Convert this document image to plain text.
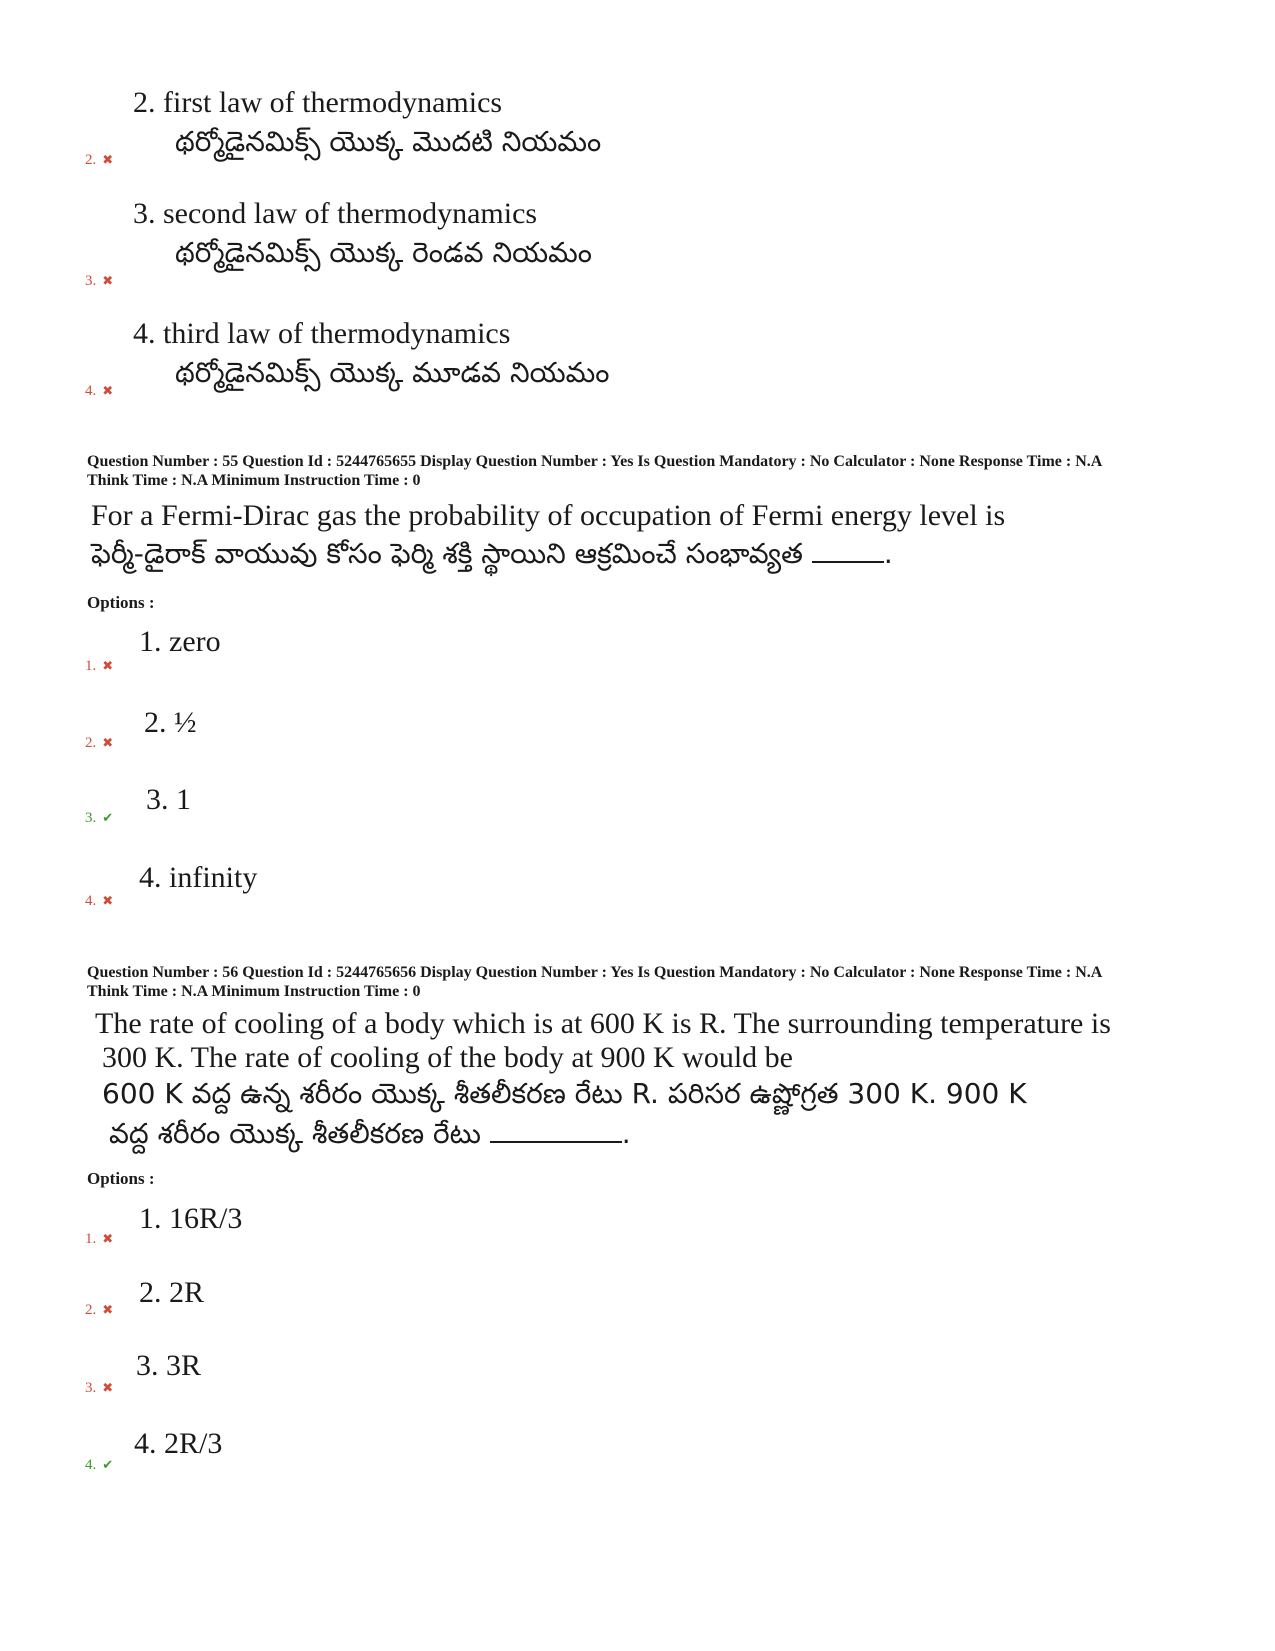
2. first law of thermodynamics
థర్మోడైనమిక్స్ యొక్క మొదటి నియమం
2. ✖
3. second law of thermodynamics
థర్మోడైనమిక్స్ యొక్క రెండవ నియమం
3. ✖
4. third law of thermodynamics
థర్మోడైనమిక్స్ యొక్క మూడవ నియమం
4. ✖
Question Number : 55 Question Id : 5244765655 Display Question Number : Yes Is Question Mandatory : No Calculator : None Response Time : N.A
Think Time : N.A Minimum Instruction Time : 0
For a Fermi-Dirac gas the probability of occupation of Fermi energy level is
ఫెర్మీ-డైరాక్ వాయువు కోసం ఫెర్మి శక్తి స్థాయిని ఆక్రమించే సంభావ్యత	.
Options :
1. zero
1. ✖
2. ½
2. ✖
3. 1
3. ✔
4. infinity
4. ✖
Question Number : 56 Question Id : 5244765656 Display Question Number : Yes Is Question Mandatory : No Calculator : None Response Time : N.A
Think Time : N.A Minimum Instruction Time : 0
The rate of cooling of a body which is at 600 K is R. The surrounding temperature is
300 K. The rate of cooling of the body at 900 K would be
600 K వద్ద ఉన్న శరీరం యొక్క శీతలీకరణ రేటు R. పరిసర ఉష్ణోగ్రత 300 K. 900 K
వద్ద శరీరం యొక్క శీతలీకరణ రేటు	.
Options :
1. 16R/3
1. ✖
2. 2R
2. ✖
3. 3R
3. ✖
4. 2R/3
4. ✔
